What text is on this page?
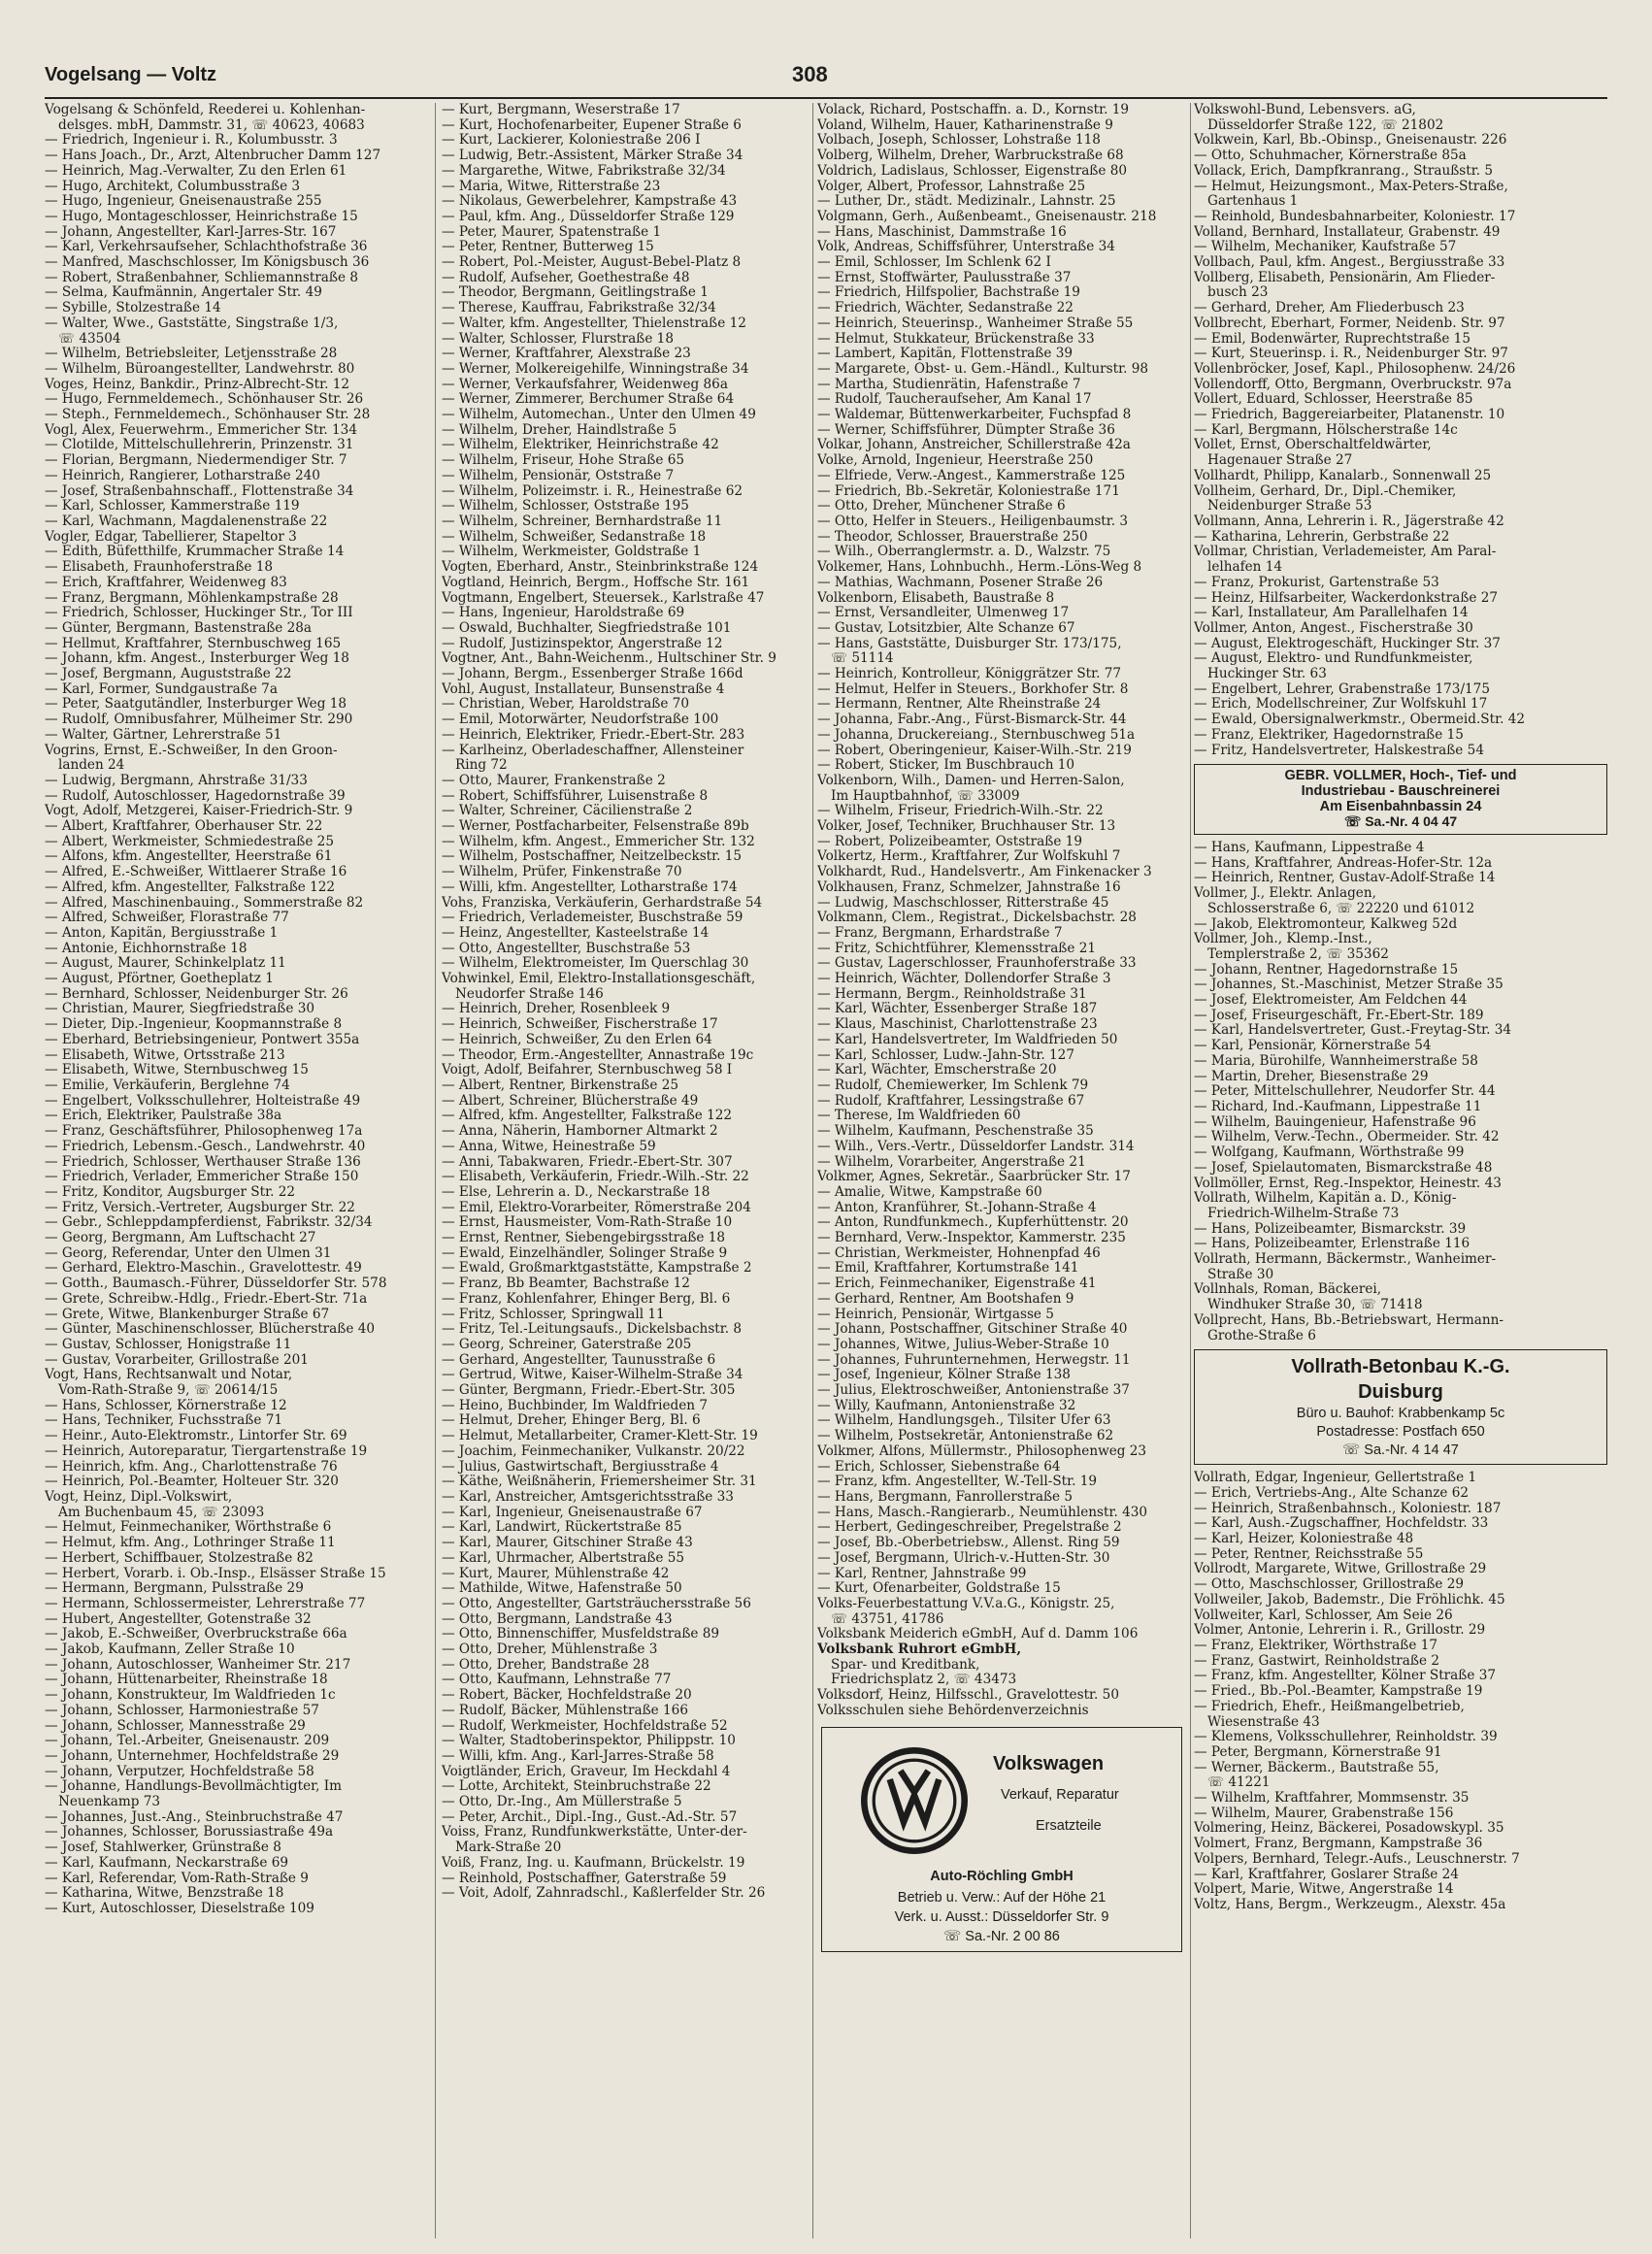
Vogelsang — Voltz	308
Vogelsang & Schönfeld, Reederei u. Kohlenhan-
delsges. mbH, Dammstr. 31, ☏ 40623, 40683
— Friedrich, Ingenieur i. R., Kolumbusstr. 3
— Hans Joach., Dr., Arzt, Altenbrucher Damm 127
— Heinrich, Mag.-Verwalter, Zu den Erlen 61
— Hugo, Architekt, Columbusstraße 3
— Hugo, Ingenieur, Gneisenaustraße 255
— Hugo, Montageschlosser, Heinrichstraße 15
— Johann, Angestellter, Karl-Jarres-Str. 167
— Karl, Verkehrsaufseher, Schlachthofstraße 36
— Manfred, Maschschlosser, Im Königsbusch 36
— Robert, Straßenbahner, Schliemannstraße 8
— Selma, Kaufmännin, Angertaler Str. 49
— Sybille, Stolzestraße 14
— Walter, Wwe., Gaststätte, Singstraße 1/3,
☏ 43504
— Wilhelm, Betriebsleiter, Letjensstraße 28
— Wilhelm, Büroangestellter, Landwehrstr. 80
Voges, Heinz, Bankdir., Prinz-Albrecht-Str. 12
— Hugo, Fernmeldemech., Schönhauser Str. 26
— Steph., Fernmeldemech., Schönhauser Str. 28
Vogl, Alex, Feuerwehrm., Emmericher Str. 134
— Clotilde, Mittelschullehrerin, Prinzenstr. 31
— Florian, Bergmann, Niedermendiger Str. 7
— Heinrich, Rangierer, Lotharstraße 240
— Josef, Straßenbahnschaff., Flottenstraße 34
— Karl, Schlosser, Kammerstraße 119
— Karl, Wachmann, Magdalenenstraße 22
Vogler, Edgar, Tabellierer, Stapeltor 3
— Edith, Büfetthilfe, Krummacher Straße 14
— Elisabeth, Fraunhoferstraße 18
— Erich, Kraftfahrer, Weidenweg 83
— Franz, Bergmann, Möhlenkampstraße 28
— Friedrich, Schlosser, Huckinger Str., Tor III
— Günter, Bergmann, Bastenstraße 28a
— Hellmut, Kraftfahrer, Sternbuschweg 165
— Johann, kfm. Angest., Insterburger Weg 18
— Josef, Bergmann, Auguststraße 22
— Karl, Former, Sundgaustraße 7a
— Peter, Saatgutändler, Insterburger Weg 18
— Rudolf, Omnibusfahrer, Mülheimer Str. 290
— Walter, Gärtner, Lehrerstraße 51
Vogrins, Ernst, E.-Schweißer, In den Groon-
landen 24
— Ludwig, Bergmann, Ahrstraße 31/33
— Rudolf, Autoschlosser, Hagedornstraße 39
Vogt, Adolf, Metzgerei, Kaiser-Friedrich-Str. 9
— Albert, Kraftfahrer, Oberhauser Str. 22
— Albert, Werkmeister, Schmiedestraße 25
— Alfons, kfm. Angestellter, Heerstraße 61
— Alfred, E.-Schweißer, Wittlaerer Straße 16
— Alfred, kfm. Angestellter, Falkstraße 122
— Alfred, Maschinenbauing., Sommerstraße 82
— Alfred, Schweißer, Florastraße 77
— Anton, Kapitän, Bergiusstraße 1
— Antonie, Eichhornstraße 18
— August, Maurer, Schinkelplatz 11
— August, Pförtner, Goetheplatz 1
— Bernhard, Schlosser, Neidenburger Str. 26
— Christian, Maurer, Siegfriedstraße 30
— Dieter, Dip.-Ingenieur, Koopmannstraße 8
— Eberhard, Betriebsingenieur, Pontwert 355a
— Elisabeth, Witwe, Ortsstraße 213
— Elisabeth, Witwe, Sternbuschweg 15
— Emilie, Verkäuferin, Berglehne 74
— Engelbert, Volksschullehrer, Holteistraße 49
— Erich, Elektriker, Paulstraße 38a
— Franz, Geschäftsführer, Philosophenweg 17a
— Friedrich, Lebensm.-Gesch., Landwehrstr. 40
— Friedrich, Schlosser, Werthauser Straße 136
— Friedrich, Verlader, Emmericher Straße 150
— Fritz, Konditor, Augsburger Str. 22
— Fritz, Versich.-Vertreter, Augsburger Str. 22
— Gebr., Schleppdampferdienst, Fabrikstr. 32/34
— Georg, Bergmann, Am Luftschacht 27
— Georg, Referendar, Unter den Ulmen 31
— Gerhard, Elektro-Maschin., Gravelottestr. 49
— Gotth., Baumasch.-Führer, Düsseldorfer Str. 578
— Grete, Schreibw.-Hdlg., Friedr.-Ebert-Str. 71a
— Grete, Witwe, Blankenburger Straße 67
— Günter, Maschinenschlosser, Blücherstraße 40
— Gustav, Schlosser, Honigstraße 11
— Gustav, Vorarbeiter, Grillostraße 201
Vogt, Hans, Rechtsanwalt und Notar,
Vom-Rath-Straße 9, ☏ 20614/15
— Hans, Schlosser, Körnerstraße 12
— Hans, Techniker, Fuchsstraße 71
— Heinr., Auto-Elektromstr., Lintorfer Str. 69
— Heinrich, Autoreparatur, Tiergartenstraße 19
— Heinrich, kfm. Ang., Charlottenstraße 76
— Heinrich, Pol.-Beamter, Holteuer Str. 320
Vogt, Heinz, Dipl.-Volkswirt,
Am Buchenbaum 45, ☏ 23093
— Helmut, Feinmechaniker, Wörthstraße 6
— Helmut, kfm. Ang., Lothringer Straße 11
— Herbert, Schiffbauer, Stolzestraße 82
— Herbert, Vorarb. i. Ob.-Insp., Elsässer Straße 15
— Hermann, Bergmann, Pulsstraße 29
— Hermann, Schlossermeister, Lehrerstraße 77
— Hubert, Angestellter, Gotenstraße 32
— Jakob, E.-Schweißer, Overbruckstraße 66a
— Jakob, Kaufmann, Zeller Straße 10
— Johann, Autoschlosser, Wanheimer Str. 217
— Johann, Hüttenarbeiter, Rheinstraße 18
— Johann, Konstrukteur, Im Waldfrieden 1c
— Johann, Schlosser, Harmoniestraße 57
— Johann, Schlosser, Mannesstraße 29
— Johann, Tel.-Arbeiter, Gneisenaustr. 209
— Johann, Unternehmer, Hochfeldstraße 29
— Johann, Verputzer, Hochfeldstraße 58
— Johanne, Handlungs-Bevollmächtigter, Im
Neuenkamp 73
— Johannes, Just.-Ang., Steinbruchstraße 47
— Johannes, Schlosser, Borussiastraße 49a
— Josef, Stahlwerker, Grünstraße 8
— Karl, Kaufmann, Neckarstraße 69
— Karl, Referendar, Vom-Rath-Straße 9
— Katharina, Witwe, Benzstraße 18
— Kurt, Autoschlosser, Dieselstraße 109
— Kurt, Bergmann, Weserstraße 17
— Kurt, Hochofenarbeiter, Eupener Straße 6
— Kurt, Lackierer, Koloniestraße 206 I
— Ludwig, Betr.-Assistent, Märker Straße 34
— Margarethe, Witwe, Fabrikstraße 32/34
— Maria, Witwe, Ritterstraße 23
— Nikolaus, Gewerbelehrer, Kampstraße 43
— Paul, kfm. Ang., Düsseldorfer Straße 129
— Peter, Maurer, Spatenstraße 1
— Peter, Rentner, Butterweg 15
— Robert, Pol.-Meister, August-Bebel-Platz 8
— Rudolf, Aufseher, Goethestraße 48
— Theodor, Bergmann, Geitlingstraße 1
— Therese, Kauffrau, Fabrikstraße 32/34
— Walter, kfm. Angestellter, Thielenstraße 12
— Walter, Schlosser, Flurstraße 18
— Werner, Kraftfahrer, Alexstraße 23
— Werner, Molkereigehilfe, Winningstraße 34
— Werner, Verkaufsfahrer, Weidenweg 86a
— Werner, Zimmerer, Berchumer Straße 64
— Wilhelm, Automechan., Unter den Ulmen 49
— Wilhelm, Dreher, Haindlstraße 5
— Wilhelm, Elektriker, Heinrichstraße 42
— Wilhelm, Friseur, Hohe Straße 65
— Wilhelm, Pensionär, Oststraße 7
— Wilhelm, Polizeimstr. i. R., Heinestraße 62
— Wilhelm, Schlosser, Oststraße 195
— Wilhelm, Schreiner, Bernhardstraße 11
— Wilhelm, Schweißer, Sedanstraße 18
— Wilhelm, Werkmeister, Goldstraße 1
Vogten, Eberhard, Anstr., Steinbrinkstraße 124
Vogtland, Heinrich, Bergm., Hoffsche Str. 161
Vogtmann, Engelbert, Steuersek., Karlstraße 47
— Hans, Ingenieur, Haroldstraße 69
— Oswald, Buchhalter, Siegfriedstraße 101
— Rudolf, Justizinspektor, Angerstraße 12
Vogtner, Ant., Bahn-Weichenm., Hultschiner Str. 9
— Johann, Bergm., Essenberger Straße 166d
Vohl, August, Installateur, Bunsenstraße 4
— Christian, Weber, Haroldstraße 70
— Emil, Motorwärter, Neudorfstraße 100
— Heinrich, Elektriker, Friedr.-Ebert-Str. 283
— Karlheinz, Oberladeschaffner, Allensteiner
Ring 72
— Otto, Maurer, Frankenstraße 2
— Robert, Schiffsführer, Luisenstraße 8
— Walter, Schreiner, Cäcilienstraße 2
— Werner, Postfacharbeiter, Felsenstraße 89b
— Wilhelm, kfm. Angest., Emmericher Str. 132
— Wilhelm, Postschaffner, Neitzelbeckstr. 15
— Wilhelm, Prüfer, Finkenstraße 70
— Willi, kfm. Angestellter, Lotharstraße 174
Vohs, Franziska, Verkäuferin, Gerhardstraße 54
— Friedrich, Verlademeister, Buschstraße 59
— Heinz, Angestellter, Kasteelstraße 14
— Otto, Angestellter, Buschstraße 53
— Wilhelm, Elektromeister, Im Querschlag 30
Vohwinkel, Emil, Elektro-Installationsgeschäft,
Neudorfer Straße 146
— Heinrich, Dreher, Rosenbleek 9
— Heinrich, Schweißer, Fischerstraße 17
— Heinrich, Schweißer, Zu den Erlen 64
— Theodor, Erm.-Angestellter, Annastraße 19c
Voigt, Adolf, Beifahrer, Sternbuschweg 58 I
— Albert, Rentner, Birkenstraße 25
— Albert, Schreiner, Blücherstraße 49
— Alfred, kfm. Angestellter, Falkstraße 122
— Anna, Näherin, Hamborner Altmarkt 2
— Anna, Witwe, Heinestraße 59
— Anni, Tabakwaren, Friedr.-Ebert-Str. 307
— Elisabeth, Verkäuferin, Friedr.-Wilh.-Str. 22
— Else, Lehrerin a. D., Neckarstraße 18
— Emil, Elektro-Vorarbeiter, Römerstraße 204
— Ernst, Hausmeister, Vom-Rath-Straße 10
— Ernst, Rentner, Siebengebirgsstraße 18
— Ewald, Einzelhändler, Solinger Straße 9
— Ewald, Großmarktgaststätte, Kampstraße 2
— Franz, Bb Beamter, Bachstraße 12
— Franz, Kohlenfahrer, Ehinger Berg, Bl. 6
— Fritz, Schlosser, Springwall 11
— Fritz, Tel.-Leitungsaufs., Dickelsbachstr. 8
— Georg, Schreiner, Gaterstraße 205
— Gerhard, Angestellter, Taunusstraße 6
— Gertrud, Witwe, Kaiser-Wilhelm-Straße 34
— Günter, Bergmann, Friedr.-Ebert-Str. 305
— Heino, Buchbinder, Im Waldfrieden 7
— Helmut, Dreher, Ehinger Berg, Bl. 6
— Helmut, Metallarbeiter, Cramer-Klett-Str. 19
— Joachim, Feinmechaniker, Vulkanstr. 20/22
— Julius, Gastwirtschaft, Bergiusstraße 4
— Käthe, Weißnäherin, Friemersheimer Str. 31
— Karl, Anstreicher, Amtsgerichtsstraße 33
— Karl, Ingenieur, Gneisenaustraße 67
— Karl, Landwirt, Rückertstraße 85
— Karl, Maurer, Gitschiner Straße 43
— Karl, Uhrmacher, Albertstraße 55
— Kurt, Maurer, Mühlenstraße 42
— Mathilde, Witwe, Hafenstraße 50
— Otto, Angestellter, Gartsträuchersstraße 56
— Otto, Bergmann, Landstraße 43
— Otto, Binnenschiffer, Musfeldstraße 89
— Otto, Dreher, Mühlenstraße 3
— Otto, Dreher, Bandstraße 28
— Otto, Kaufmann, Lehnstraße 77
— Robert, Bäcker, Hochfeldstraße 20
— Rudolf, Bäcker, Mühlenstraße 166
— Rudolf, Werkmeister, Hochfeldstraße 52
— Walter, Stadtoberinspektor, Philippstr. 10
— Willi, kfm. Ang., Karl-Jarres-Straße 58
Voigtländer, Erich, Graveur, Im Heckdahl 4
— Lotte, Architekt, Steinbruchstraße 22
— Otto, Dr.-Ing., Am Müllerstraße 5
— Peter, Archit., Dipl.-Ing., Gust.-Ad.-Str. 57
Voiss, Franz, Rundfunkwerkstätte, Unter-der-
Mark-Straße 20
Voiß, Franz, Ing. u. Kaufmann, Brückelstr. 19
— Reinhold, Postschaffner, Gaterstraße 59
— Voit, Adolf, Zahnradschl., Kaßlerfelder Str. 26
Volack, Richard, Postschaffn. a. D., Kornstr. 19
Voland, Wilhelm, Hauer, Katharinenstraße 9
Volbach, Joseph, Schlosser, Lohstraße 118
Volberg, Wilhelm, Dreher, Warbruckstraße 68
Voldrich, Ladislaus, Schlosser, Eigenstraße 80
Volger, Albert, Professor, Lahnstraße 25
— Luther, Dr., städt. Medizinalr., Lahnstr. 25
Volgmann, Gerh., Außenbeamt., Gneisenaustr. 218
— Hans, Maschinist, Dammstraße 16
Volk, Andreas, Schiffsführer, Unterstraße 34
— Emil, Schlosser, Im Schlenk 62 I
— Ernst, Stoffwärter, Paulusstraße 37
— Friedrich, Hilfspolier, Bachstraße 19
— Friedrich, Wächter, Sedanstraße 22
— Heinrich, Steuerinsp., Wanheimer Straße 55
— Helmut, Stukkateur, Brückenstraße 33
— Lambert, Kapitän, Flottenstraße 39
— Margarete, Obst- u. Gem.-Händl., Kulturstr. 98
— Martha, Studienrätin, Hafenstraße 7
— Rudolf, Taucheraufseher, Am Kanal 17
— Waldemar, Büttenwerkarbeiter, Fuchspfad 8
— Werner, Schiffsführer, Dümpter Straße 36
Volkar, Johann, Anstreicher, Schillerstraße 42a
Volke, Arnold, Ingenieur, Heerstraße 250
— Elfriede, Verw.-Angest., Kammerstraße 125
— Friedrich, Bb.-Sekretär, Koloniestraße 171
— Otto, Dreher, Münchener Straße 6
— Otto, Helfer in Steuers., Heiligenbaumstr. 3
— Theodor, Schlosser, Brauerstraße 250
— Wilh., Oberranglermstr. a. D., Walzstr. 75
Volkemer, Hans, Lohnbuchh., Herm.-Löns-Weg 8
— Mathias, Wachmann, Posener Straße 26
Volkenborn, Elisabeth, Baustraße 8
— Ernst, Versandleiter, Ulmenweg 17
— Gustav, Lotsitzbier, Alte Schanze 67
— Hans, Gaststätte, Duisburger Str. 173/175,
☏ 51114
— Heinrich, Kontrolleur, Königgrätzer Str. 77
— Helmut, Helfer in Steuers., Borkhofer Str. 8
— Hermann, Rentner, Alte Rheinstraße 24
— Johanna, Fabr.-Ang., Fürst-Bismarck-Str. 44
— Johanna, Druckereiang., Sternbuschweg 51a
— Robert, Oberingenieur, Kaiser-Wilh.-Str. 219
— Robert, Sticker, Im Buschbrauch 10
Volkenborn, Wilh., Damen- und Herren-Salon,
Im Hauptbahnhof, ☏ 33009
— Wilhelm, Friseur, Friedrich-Wilh.-Str. 22
Volker, Josef, Techniker, Bruchhauser Str. 13
— Robert, Polizeibeamter, Oststraße 19
Volkertz, Herm., Kraftfahrer, Zur Wolfskuhl 7
Volkhardt, Rud., Handelsvertr., Am Finkenacker 3
Volkhausen, Franz, Schmelzer, Jahnstraße 16
— Ludwig, Maschschlosser, Ritterstraße 45
Volkmann, Clem., Registrat., Dickelsbachstr. 28
— Franz, Bergmann, Erhardstraße 7
— Fritz, Schichtführer, Klemensstraße 21
— Gustav, Lagerschlosser, Fraunhoferstraße 33
— Heinrich, Wächter, Dollendorfer Straße 3
— Hermann, Bergm., Reinholdstraße 31
— Karl, Wächter, Essenberger Straße 187
— Klaus, Maschinist, Charlottenstraße 23
— Karl, Handelsvertreter, Im Waldfrieden 50
— Karl, Schlosser, Ludw.-Jahn-Str. 127
— Karl, Wächter, Emscherstraße 20
— Rudolf, Chemiewerker, Im Schlenk 79
— Rudolf, Kraftfahrer, Lessingstraße 67
— Therese, Im Waldfrieden 60
— Wilhelm, Kaufmann, Peschenstraße 35
— Wilh., Vers.-Vertr., Düsseldorfer Landstr. 314
— Wilhelm, Vorarbeiter, Angerstraße 21
Volkmer, Agnes, Sekretär., Saarbrücker Str. 17
— Amalie, Witwe, Kampstraße 60
— Anton, Kranführer, St.-Johann-Straße 4
— Anton, Rundfunkmech., Kupferhüttenstr. 20
— Bernhard, Verw.-Inspektor, Kammerstr. 235
— Christian, Werkmeister, Hohnenpfad 46
— Emil, Kraftfahrer, Kortumstraße 141
— Erich, Feinmechaniker, Eigenstraße 41
— Gerhard, Rentner, Am Bootshafen 9
— Heinrich, Pensionär, Wirtgasse 5
— Johann, Postschaffner, Gitschiner Straße 40
— Johannes, Witwe, Julius-Weber-Straße 10
— Johannes, Fuhrunternehmen, Herwegstr. 11
— Josef, Ingenieur, Kölner Straße 138
— Julius, Elektroschweißer, Antonienstraße 37
— Willy, Kaufmann, Antonienstraße 32
— Wilhelm, Handlungsgeh., Tilsiter Ufer 63
— Wilhelm, Postsekretär, Antonienstraße 62
Volkmer, Alfons, Müllermstr., Philosophenweg 23
— Erich, Schlosser, Siebenstraße 64
— Franz, kfm. Angestellter, W.-Tell-Str. 19
— Hans, Bergmann, Fanrollerstraße 5
— Hans, Masch.-Rangierarb., Neumühlenstr. 430
— Herbert, Gedingeschreiber, Pregelstraße 2
— Josef, Bb.-Oberbetriebsw., Allenst. Ring 59
— Josef, Bergmann, Ulrich-v.-Hutten-Str. 30
— Karl, Rentner, Jahnstraße 99
— Kurt, Ofenarbeiter, Goldstraße 15
Volks-Feuerbestattung V.V.a.G., Königstr. 25,
☏ 43751, 41786
Volksbank Meiderich eGmbH, Auf d. Damm 106
Volksbank Ruhrort eGmbH,
Spar- und Kreditbank,
Friedrichsplatz 2, ☏ 43473
Volksdorf, Heinz, Hilfsschl., Gravelottestr. 50
Volksschulen siehe Behördenverzeichnis
Volkswagen
Verkauf, Reparatur
Ersatzteile
Auto-Röchling GmbH
Betrieb u. Verw.: Auf der Höhe 21
Verk. u. Ausst.: Düsseldorfer Str. 9
☏ Sa.-Nr. 2 00 86
Volkswohl-Bund, Lebensvers. aG,
Düsseldorfer Straße 122, ☏ 21802
Volkwein, Karl, Bb.-Obinsp., Gneisenaustr. 226
— Otto, Schuhmacher, Körnerstraße 85a
Vollack, Erich, Dampfkranrang., Straußstr. 5
— Helmut, Heizungsmont., Max-Peters-Straße,
Gartenhaus 1
— Reinhold, Bundesbahnarbeiter, Koloniestr. 17
Volland, Bernhard, Installateur, Grabenstr. 49
— Wilhelm, Mechaniker, Kaufstraße 57
Vollbach, Paul, kfm. Angest., Bergiusstraße 33
Vollberg, Elisabeth, Pensionärin, Am Flieder-
busch 23
— Gerhard, Dreher, Am Fliederbusch 23
Vollbrecht, Eberhart, Former, Neidenb. Str. 97
— Emil, Bodenwärter, Ruprechtstraße 15
— Kurt, Steuerinsp. i. R., Neidenburger Str. 97
Vollenbröcker, Josef, Kapl., Philosophenw. 24/26
Vollendorff, Otto, Bergmann, Overbruckstr. 97a
Vollert, Eduard, Schlosser, Heerstraße 85
— Friedrich, Baggereiarbeiter, Platanenstr. 10
— Karl, Bergmann, Hölscherstraße 14c
Vollet, Ernst, Oberschaltfeldwärter,
Hagenauer Straße 27
Vollhardt, Philipp, Kanalarb., Sonnenwall 25
Vollheim, Gerhard, Dr., Dipl.-Chemiker,
Neidenburger Straße 53
Vollmann, Anna, Lehrerin i. R., Jägerstraße 42
— Katharina, Lehrerin, Gerbstraße 22
Vollmar, Christian, Verlademeister, Am Paral-
lelhafen 14
— Franz, Prokurist, Gartenstraße 53
— Heinz, Hilfsarbeiter, Wackerdonkstraße 27
— Karl, Installateur, Am Parallelhafen 14
Vollmer, Anton, Angest., Fischerstraße 30
— August, Elektrogeschäft, Huckinger Str. 37
— August, Elektro- und Rundfunkmeister,
Huckinger Str. 63
— Engelbert, Lehrer, Grabenstraße 173/175
— Erich, Modellschreiner, Zur Wolfskuhl 17
— Ewald, Obersignalwerkmstr., Obermeid.Str. 42
— Franz, Elektriker, Hagedornstraße 15
— Fritz, Handelsvertreter, Halskestraße 54
GEBR. VOLLMER, Hoch-, Tief- und
Industriebau - Bauschreinerei
Am Eisenbahnbassin 24
☏ Sa.-Nr. 4 04 47
— Hans, Kaufmann, Lippestraße 4
— Hans, Kraftfahrer, Andreas-Hofer-Str. 12a
— Heinrich, Rentner, Gustav-Adolf-Straße 14
Vollmer, J., Elektr. Anlagen,
Schlosserstraße 6, ☏ 22220 und 61012
— Jakob, Elektromonteur, Kalkweg 52d
Vollmer, Joh., Klemp.-Inst.,
Templerstraße 2, ☏ 35362
— Johann, Rentner, Hagedornstraße 15
— Johannes, St.-Maschinist, Metzer Straße 35
— Josef, Elektromeister, Am Feldchen 44
— Josef, Friseurgeschäft, Fr.-Ebert-Str. 189
— Karl, Handelsvertreter, Gust.-Freytag-Str. 34
— Karl, Pensionär, Körnerstraße 54
— Maria, Bürohilfe, Wannheimerstraße 58
— Martin, Dreher, Biesenstraße 29
— Peter, Mittelschullehrer, Neudorfer Str. 44
— Richard, Ind.-Kaufmann, Lippestraße 11
— Wilhelm, Bauingenieur, Hafenstraße 96
— Wilhelm, Verw.-Techn., Obermeider. Str. 42
— Wolfgang, Kaufmann, Wörthstraße 99
— Josef, Spielautomaten, Bismarckstraße 48
Vollmöller, Ernst, Reg.-Inspektor, Heinestr. 43
Vollrath, Wilhelm, Kapitän a. D., König-
Friedrich-Wilhelm-Straße 73
— Hans, Polizeibeamter, Bismarckstr. 39
— Hans, Polizeibeamter, Erlenstraße 116
Vollrath, Hermann, Bäckermstr., Wanheimer-
Straße 30
Vollnhals, Roman, Bäckerei,
Windhuker Straße 30, ☏ 71418
Vollprecht, Hans, Bb.-Betriebswart, Hermann-
Grothe-Straße 6
Vollrath-Betonbau K.-G.
Duisburg
Büro u. Bauhof: Krabbenkamp 5c
Postadresse: Postfach 650
☏ Sa.-Nr. 4 14 47
Vollrath, Edgar, Ingenieur, Gellertstraße 1
— Erich, Vertriebs-Ang., Alte Schanze 62
— Heinrich, Straßenbahnsch., Koloniestr. 187
— Karl, Aush.-Zugschaffner, Hochfeldstr. 33
— Karl, Heizer, Koloniestraße 48
— Peter, Rentner, Reichsstraße 55
Vollrodt, Margarete, Witwe, Grillostraße 29
— Otto, Maschschlosser, Grillostraße 29
Vollweiler, Jakob, Bademstr., Die Fröhlichk. 45
Vollweiter, Karl, Schlosser, Am Seie 26
Volmer, Antonie, Lehrerin i. R., Grillostr. 29
— Franz, Elektriker, Wörthstraße 17
— Franz, Gastwirt, Reinholdstraße 2
— Franz, kfm. Angestellter, Kölner Straße 37
— Fried., Bb.-Pol.-Beamter, Kampstraße 19
— Friedrich, Ehefr., Heißmangelbetrieb,
Wiesenstraße 43
— Klemens, Volksschullehrer, Reinholdstr. 39
— Peter, Bergmann, Körnerstraße 91
— Werner, Bäckerm., Bautstraße 55,
☏ 41221
— Wilhelm, Kraftfahrer, Mommsenstr. 35
— Wilhelm, Maurer, Grabenstraße 156
Volmering, Heinz, Bäckerei, Posadowskypl. 35
Volmert, Franz, Bergmann, Kampstraße 36
Volpers, Bernhard, Telegr.-Aufs., Leuschnerstr. 7
— Karl, Kraftfahrer, Goslarer Straße 24
Volpert, Marie, Witwe, Angerstraße 14
Voltz, Hans, Bergm., Werkzeugm., Alexstr. 45a
